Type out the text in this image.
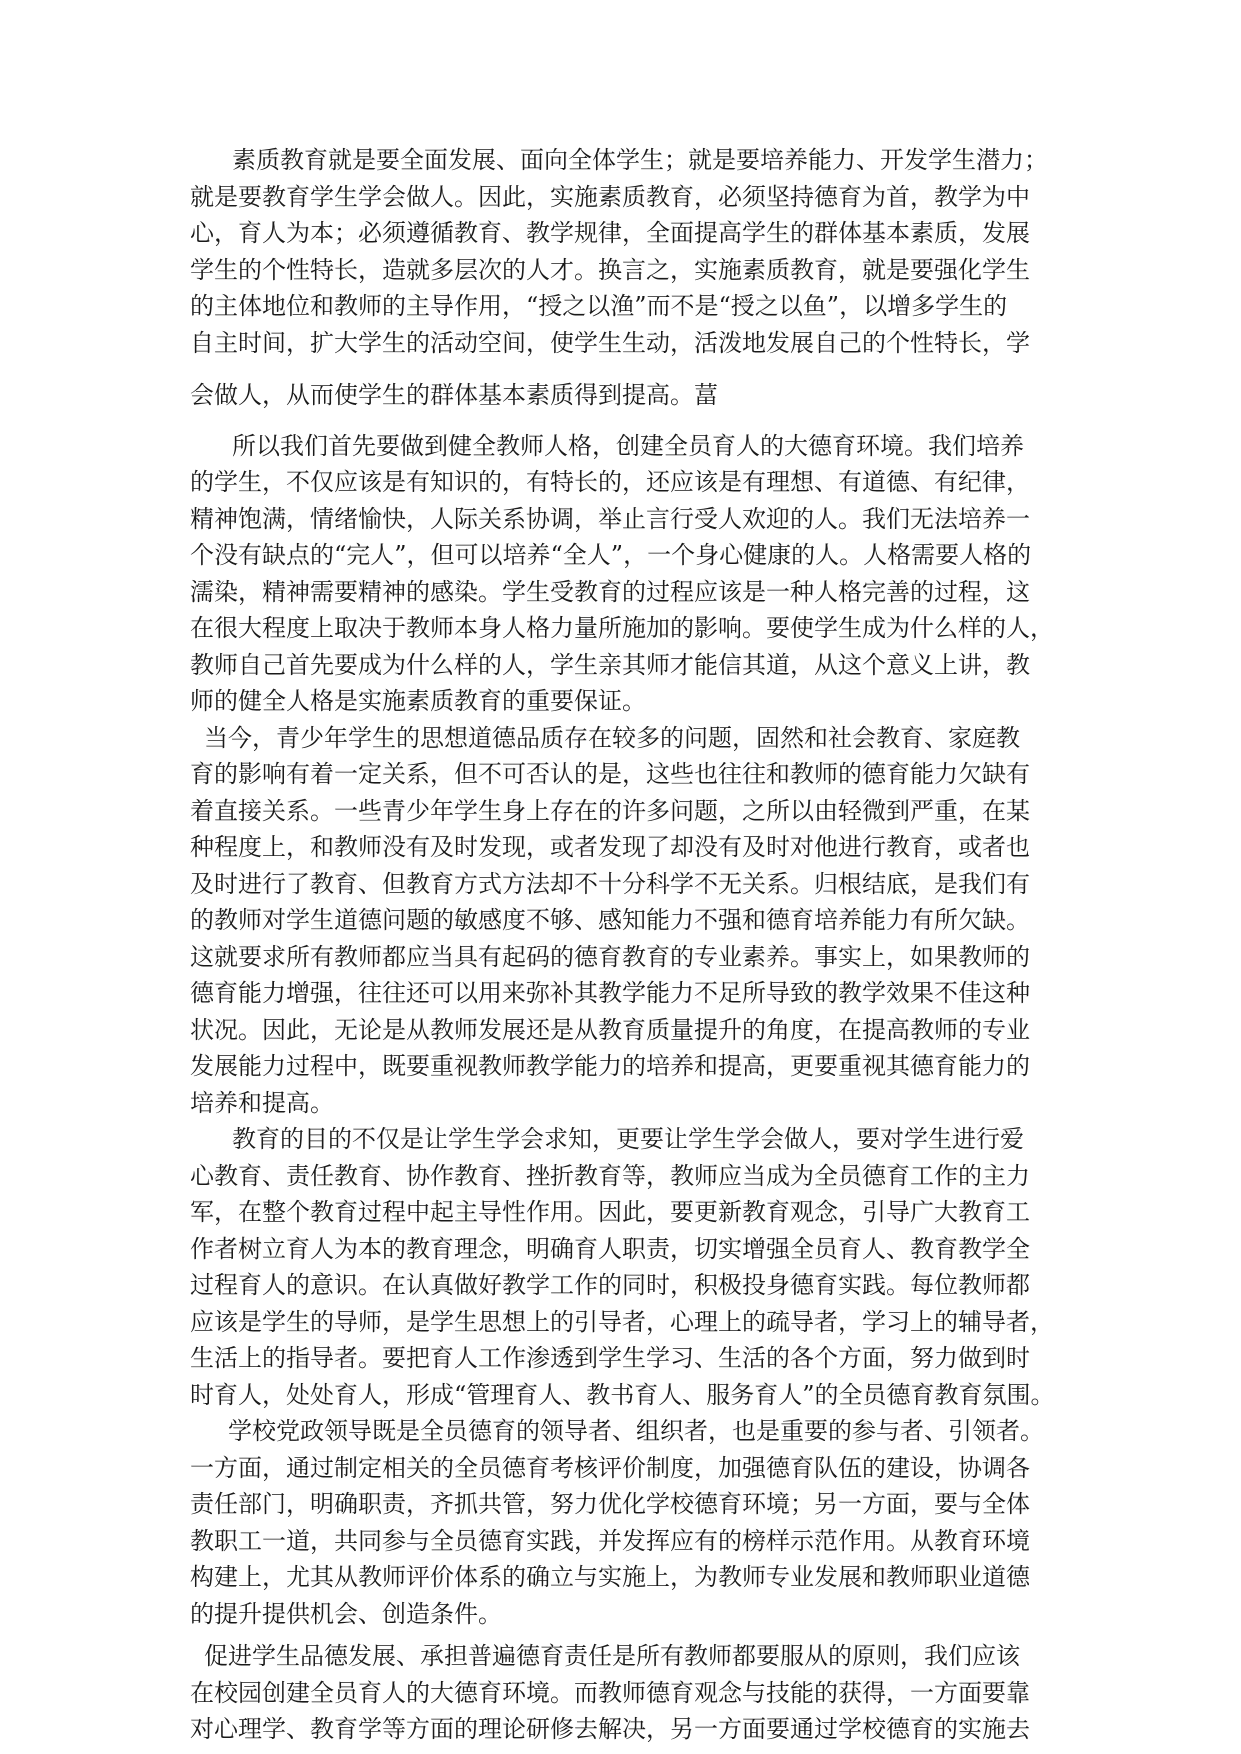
素质教育就是要全面发展、面向全体学生；就是要培养能力、开发学生潜力；
就是要教育学生学会做人。因此，实施素质教育，必须坚持德育为首，教学为中
心，育人为本；必须遵循教育、教学规律，全面提高学生的群体基本素质，发展
学生的个性特长，造就多层次的人才。换言之，实施素质教育，就是要强化学生
的主体地位和教师的主导作用，“授之以渔”而不是“授之以鱼”，以增多学生的
自主时间，扩大学生的活动空间，使学生生动，活泼地发展自己的个性特长，学
会做人，从而使学生的群体基本素质得到提高。葍
所以我们首先要做到健全教师人格，创建全员育人的大德育环境。我们培养
的学生，不仅应该是有知识的，有特长的，还应该是有理想、有道德、有纪律，
精神饱满，情绪愉快，人际关系协调，举止言行受人欢迎的人。我们无法培养一
个没有缺点的“完人”，但可以培养“全人”，一个身心健康的人。人格需要人格的
濡染，精神需要精神的感染。学生受教育的过程应该是一种人格完善的过程，这
在很大程度上取决于教师本身人格力量所施加的影响。要使学生成为什么样的人，
教师自己首先要成为什么样的人，学生亲其师才能信其道，从这个意义上讲，教
师的健全人格是实施素质教育的重要保证。
当今，青少年学生的思想道德品质存在较多的问题，固然和社会教育、家庭教
育的影响有着一定关系，但不可否认的是，这些也往往和教师的德育能力欠缺有
着直接关系。一些青少年学生身上存在的许多问题，之所以由轻微到严重，在某
种程度上，和教师没有及时发现，或者发现了却没有及时对他进行教育，或者也
及时进行了教育、但教育方式方法却不十分科学不无关系。归根结底，是我们有
的教师对学生道德问题的敏感度不够、感知能力不强和德育培养能力有所欠缺。
这就要求所有教师都应当具有起码的德育教育的专业素养。事实上，如果教师的
德育能力增强，往往还可以用来弥补其教学能力不足所导致的教学效果不佳这种
状况。因此，无论是从教师发展还是从教育质量提升的角度，在提高教师的专业
发展能力过程中，既要重视教师教学能力的培养和提高，更要重视其德育能力的
培养和提高。
教育的目的不仅是让学生学会求知，更要让学生学会做人，要对学生进行爱
心教育、责任教育、协作教育、挫折教育等，教师应当成为全员德育工作的主力
军，在整个教育过程中起主导性作用。因此，要更新教育观念，引导广大教育工
作者树立育人为本的教育理念，明确育人职责，切实增强全员育人、教育教学全
过程育人的意识。在认真做好教学工作的同时，积极投身德育实践。每位教师都
应该是学生的导师，是学生思想上的引导者，心理上的疏导者，学习上的辅导者，
生活上的指导者。要把育人工作渗透到学生学习、生活的各个方面，努力做到时
时育人，处处育人，形成“管理育人、教书育人、服务育人”的全员德育教育氛围。
学校党政领导既是全员德育的领导者、组织者，也是重要的参与者、引领者。
一方面，通过制定相关的全员德育考核评价制度，加强德育队伍的建设，协调各
责任部门，明确职责，齐抓共管，努力优化学校德育环境；另一方面，要与全体
教职工一道，共同参与全员德育实践，并发挥应有的榜样示范作用。从教育环境
构建上，尤其从教师评价体系的确立与实施上，为教师专业发展和教师职业道德
的提升提供机会、创造条件。
促进学生品德发展、承担普遍德育责任是所有教师都要服从的原则，我们应该
在校园创建全员育人的大德育环境。而教师德育观念与技能的获得，一方面要靠
对心理学、教育学等方面的理论研修去解决，另一方面要通过学校德育的实施去
